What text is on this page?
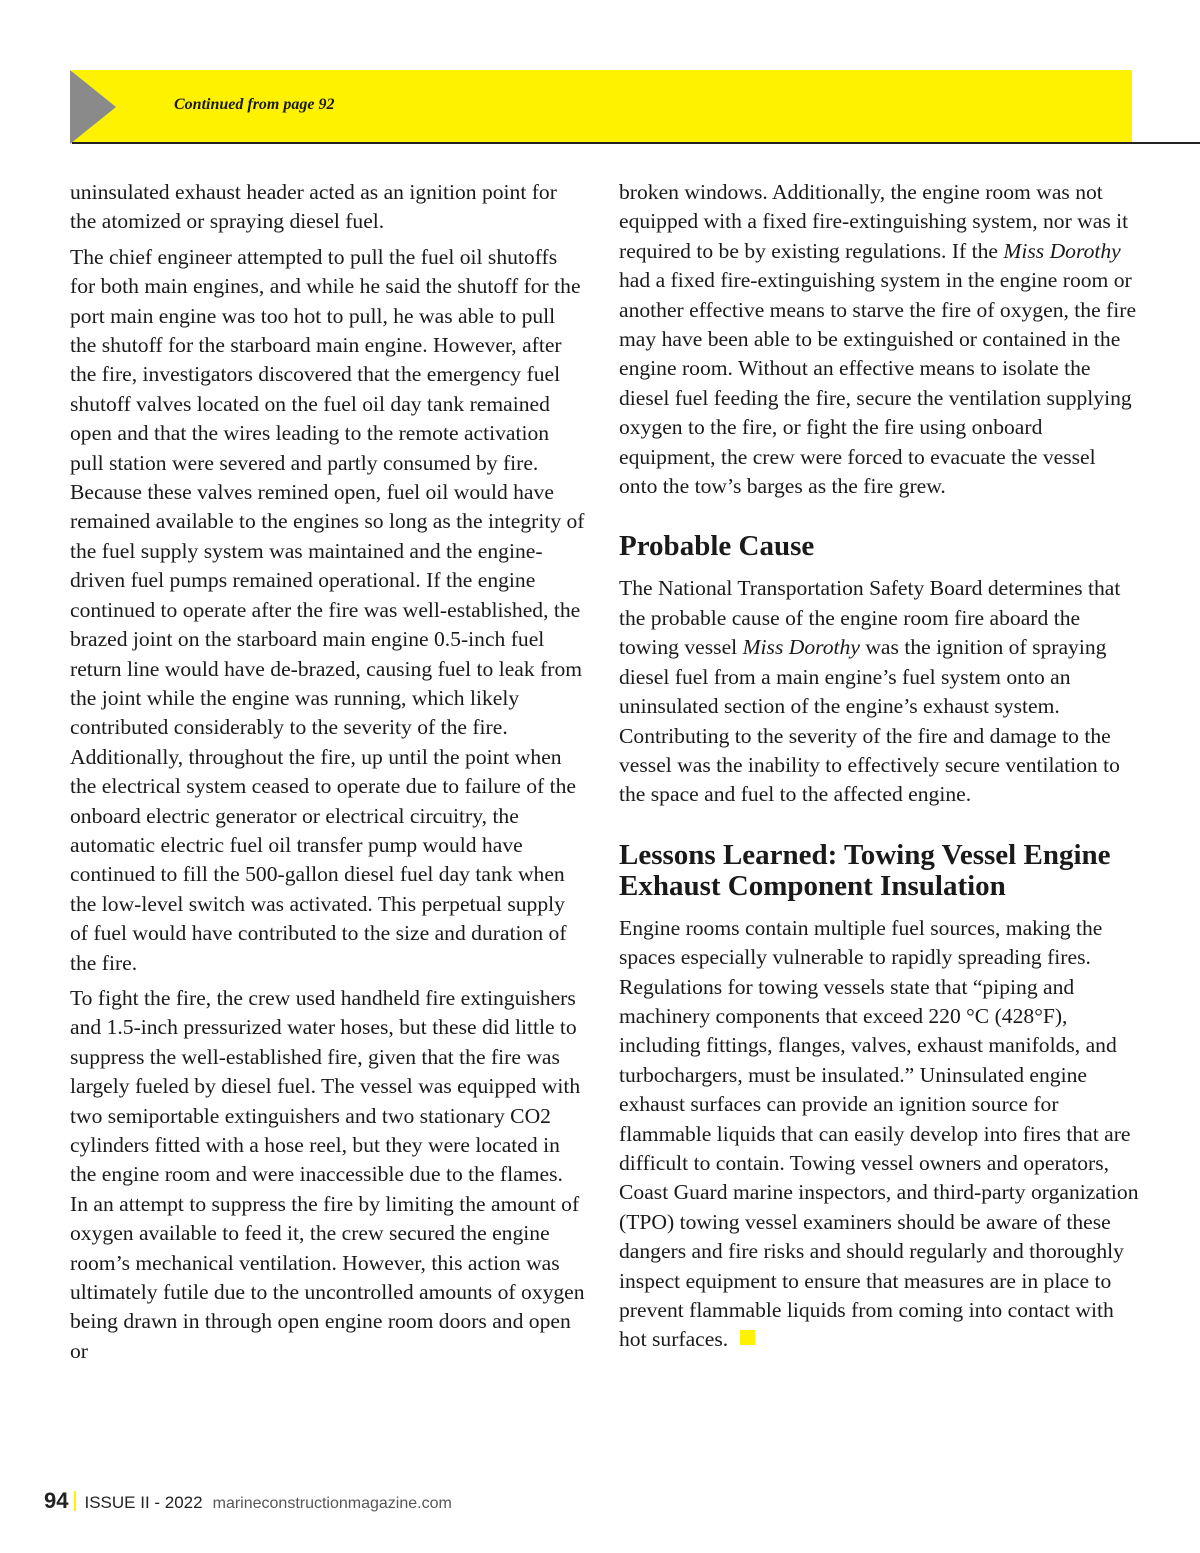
Continued from page 92

uninsulated exhaust header acted as an ignition point for the atomized or spraying diesel fuel.

The chief engineer attempted to pull the fuel oil shutoffs for both main engines, and while he said the shutoff for the port main engine was too hot to pull, he was able to pull the shutoff for the starboard main engine. However, after the fire, investigators discovered that the emergency fuel shutoff valves located on the fuel oil day tank remained open and that the wires leading to the remote activation pull station were severed and partly consumed by fire. Because these valves remined open, fuel oil would have remained available to the engines so long as the integrity of the fuel supply system was maintained and the engine-driven fuel pumps remained operational. If the engine continued to operate after the fire was well-established, the brazed joint on the starboard main engine 0.5-inch fuel return line would have de-brazed, causing fuel to leak from the joint while the engine was running, which likely contributed considerably to the severity of the fire. Additionally, throughout the fire, up until the point when the electrical system ceased to operate due to failure of the onboard electric generator or electrical circuitry, the automatic electric fuel oil transfer pump would have continued to fill the 500-gallon diesel fuel day tank when the low-level switch was activated. This perpetual supply of fuel would have contributed to the size and duration of the fire.

To fight the fire, the crew used handheld fire extinguishers and 1.5-inch pressurized water hoses, but these did little to suppress the well-established fire, given that the fire was largely fueled by diesel fuel. The vessel was equipped with two semiportable extinguishers and two stationary CO2 cylinders fitted with a hose reel, but they were located in the engine room and were inaccessible due to the flames. In an attempt to suppress the fire by limiting the amount of oxygen available to feed it, the crew secured the engine room’s mechanical ventilation. However, this action was ultimately futile due to the uncontrolled amounts of oxygen being drawn in through open engine room doors and open or

broken windows. Additionally, the engine room was not equipped with a fixed fire-extinguishing system, nor was it required to be by existing regulations. If the Miss Dorothy had a fixed fire-extinguishing system in the engine room or another effective means to starve the fire of oxygen, the fire may have been able to be extinguished or contained in the engine room. Without an effective means to isolate the diesel fuel feeding the fire, secure the ventilation supplying oxygen to the fire, or fight the fire using onboard equipment, the crew were forced to evacuate the vessel onto the tow’s barges as the fire grew.

Probable Cause

The National Transportation Safety Board determines that the probable cause of the engine room fire aboard the towing vessel Miss Dorothy was the ignition of spraying diesel fuel from a main engine’s fuel system onto an uninsulated section of the engine’s exhaust system. Contributing to the severity of the fire and damage to the vessel was the inability to effectively secure ventilation to the space and fuel to the affected engine.

Lessons Learned: Towing Vessel Engine Exhaust Component Insulation

Engine rooms contain multiple fuel sources, making the spaces especially vulnerable to rapidly spreading fires. Regulations for towing vessels state that “piping and machinery components that exceed 220 °C (428°F), including fittings, flanges, valves, exhaust manifolds, and turbochargers, must be insulated.” Uninsulated engine exhaust surfaces can provide an ignition source for flammable liquids that can easily develop into fires that are difficult to contain. Towing vessel owners and operators, Coast Guard marine inspectors, and third-party organization (TPO) towing vessel examiners should be aware of these dangers and fire risks and should regularly and thoroughly inspect equipment to ensure that measures are in place to prevent flammable liquids from coming into contact with hot surfaces.

94 ISSUE II - 2022 marineconstructionmagazine.com
